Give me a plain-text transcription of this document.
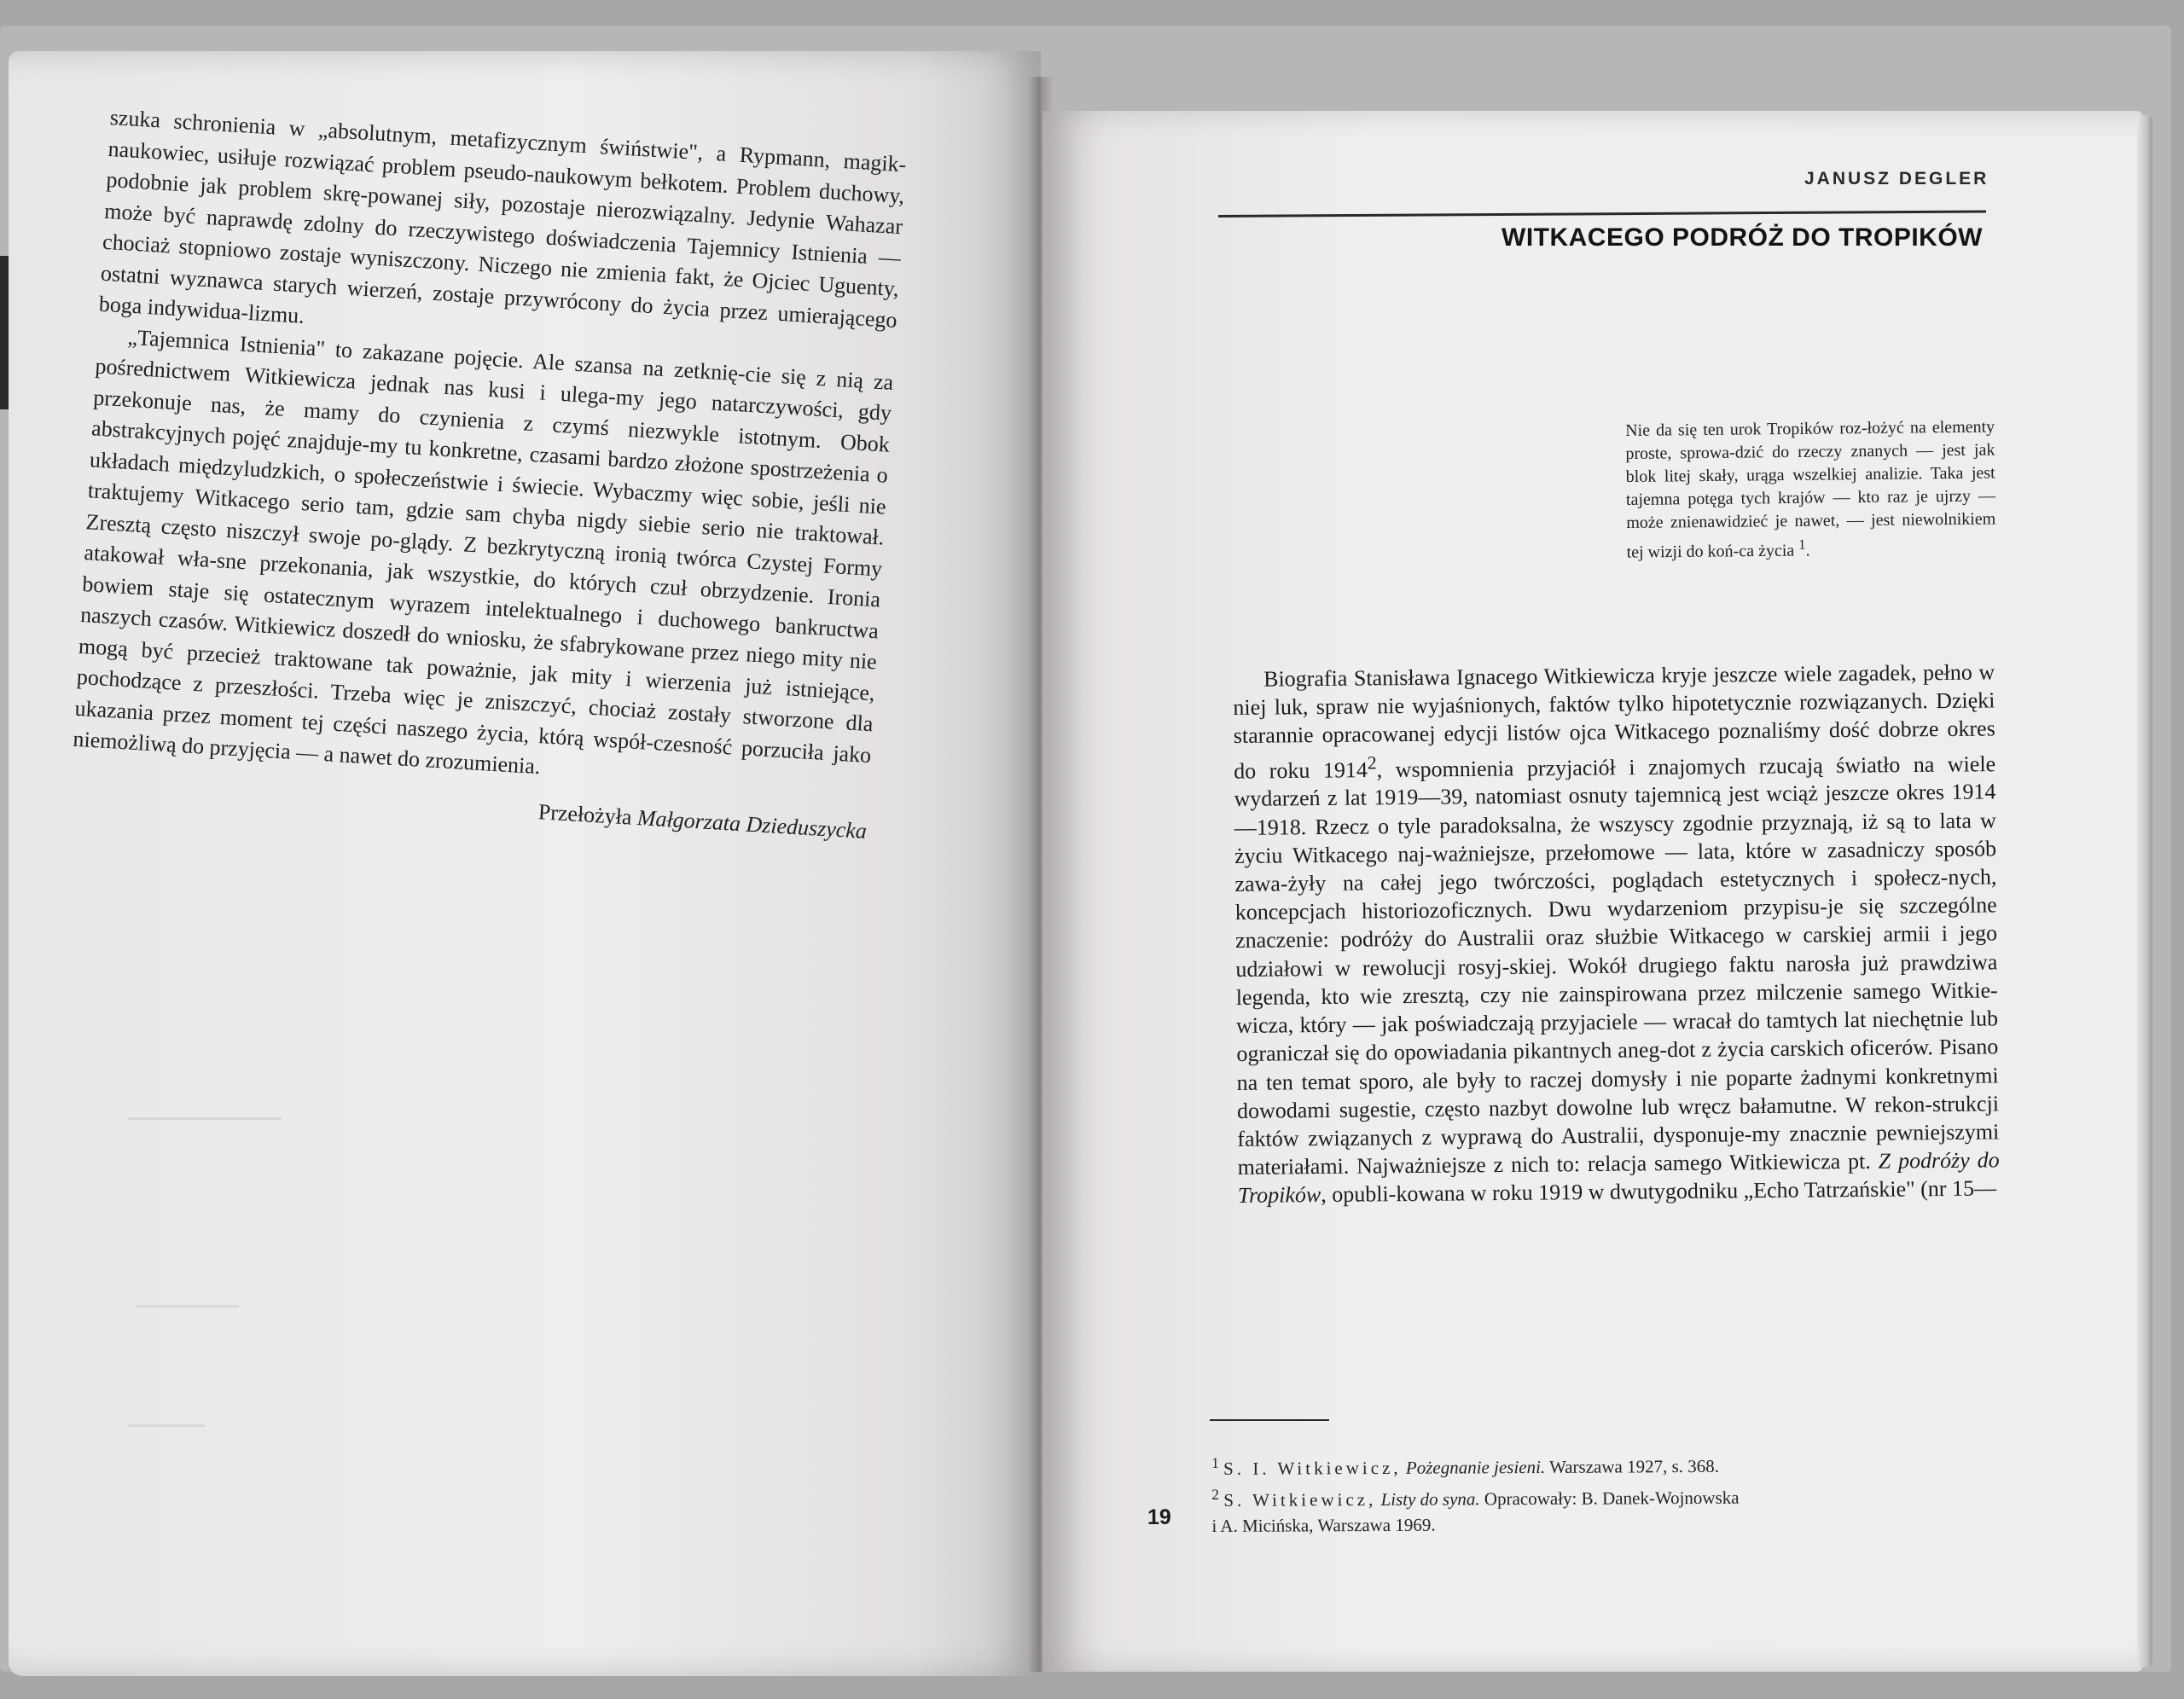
szuka schronienia w „absolutnym, metafizycznym świństwie", a Rypmann, magik-naukowiec, usiłuje rozwiązać problem pseudo-naukowym bełkotem. Problem duchowy, podobnie jak problem skrę-powanej siły, pozostaje nierozwiązalny. Jedynie Wahazar może być naprawdę zdolny do rzeczywistego doświadczenia Tajemnicy Istnienia — chociaż stopniowo zostaje wyniszczony. Niczego nie zmienia fakt, że Ojciec Uguenty, ostatni wyznawca starych wierzeń, zostaje przywrócony do życia przez umierającego boga indywidua-lizmu.

„Tajemnica Istnienia" to zakazane pojęcie. Ale szansa na zetknię-cie się z nią za pośrednictwem Witkiewicza jednak nas kusi i ulega-my jego natarczywości, gdy przekonuje nas, że mamy do czynienia z czymś niezwykle istotnym. Obok abstrakcyjnych pojęć znajduje-my tu konkretne, czasami bardzo złożone spostrzeżenia o układach międzyludzkich, o społeczeństwie i świecie. Wybaczmy więc sobie, jeśli nie traktujemy Witkacego serio tam, gdzie sam chyba nigdy siebie serio nie traktował. Zresztą często niszczył swoje po-glądy. Z bezkrytyczną ironią twórca Czystej Formy atakował wła-sne przekonania, jak wszystkie, do których czuł obrzydzenie. Ironia bowiem staje się ostatecznym wyrazem intelektualnego i duchowego bankructwa naszych czasów. Witkiewicz doszedł do wniosku, że sfabrykowane przez niego mity nie mogą być przecież traktowane tak poważnie, jak mity i wierzenia już istniejące, pochodzące z przeszłości. Trzeba więc je zniszczyć, chociaż zostały stworzone dla ukazania przez moment tej części naszego życia, którą współ-czesność porzuciła jako niemożliwą do przyjęcia — a nawet do zrozumienia.

Przełożyła Małgorzata Dzieduszycka
JANUSZ DEGLER
WITKACEGO PODRÓŻ DO TROPIKÓW
Nie da się ten urok Tropików roz-łożyć na elementy proste, sprowa-dzić do rzeczy znanych — jest jak blok litej skały, urąga wszelkiej analizie. Taka jest tajemna potęga tych krajów — kto raz je ujrzy — może znienawidzieć je nawet, — jest niewolnikiem tej wizji do koń-ca życia $^1$.

Biografia Stanisława Ignacego Witkiewicza kryje jeszcze wiele zagadek, pełno w niej luk, spraw nie wyjaśnionych, faktów tylko hipotetycznie rozwiązanych. Dzięki starannie opracowanej edycji listów ojca Witkacego poznaliśmy dość dobrze okres do roku 1914$^2$, wspomnienia przyjaciół i znajomych rzucają światło na wiele wydarzeń z lat 1919—39, natomiast osnuty tajemnicą jest wciąż jeszcze okres 1914—1918. Rzecz o tyle paradoksalna, że wszyscy zgodnie przyznają, iż są to lata w życiu Witkacego naj-ważniejsze, przełomowe — lata, które w zasadniczy sposób zawa-żyły na całej jego twórczości, poglądach estetycznych i społecz-nych, koncepcjach historiozoficznych. Dwu wydarzeniom przypisu-je się szczególne znaczenie: podróży do Australii oraz służbie Witkacego w carskiej armii i jego udziałowi w rewolucji rosyj-skiej. Wokół drugiego faktu narosła już prawdziwa legenda, kto wie zresztą, czy nie zainspirowana przez milczenie samego Witkie-wicza, który — jak poświadczają przyjaciele — wracał do tamtych lat niechętnie lub ograniczał się do opowiadania pikantnych aneg-dot z życia carskich oficerów. Pisano na ten temat sporo, ale były to raczej domysły i nie poparte żadnymi konkretnymi dowodami sugestie, często nazbyt dowolne lub wręcz bałamutne. W rekon-strukcji faktów związanych z wyprawą do Australii, dysponuje-my znacznie pewniejszymi materiałami. Najważniejsze z nich to: relacja samego Witkiewicza pt. Z podróży do Tropików, opubli-kowana w roku 1919 w dwutygodniku „Echo Tatrzańskie" (nr 15—

$^1$ S. I. Witkiewicz, Pożegnanie jesieni. Warszawa 1927, s. 368.
$^2$ S. Witkiewicz, Listy do syna. Opracowały: B. Danek-Wojnowska
i A. Micińska, Warszawa 1969.
19
